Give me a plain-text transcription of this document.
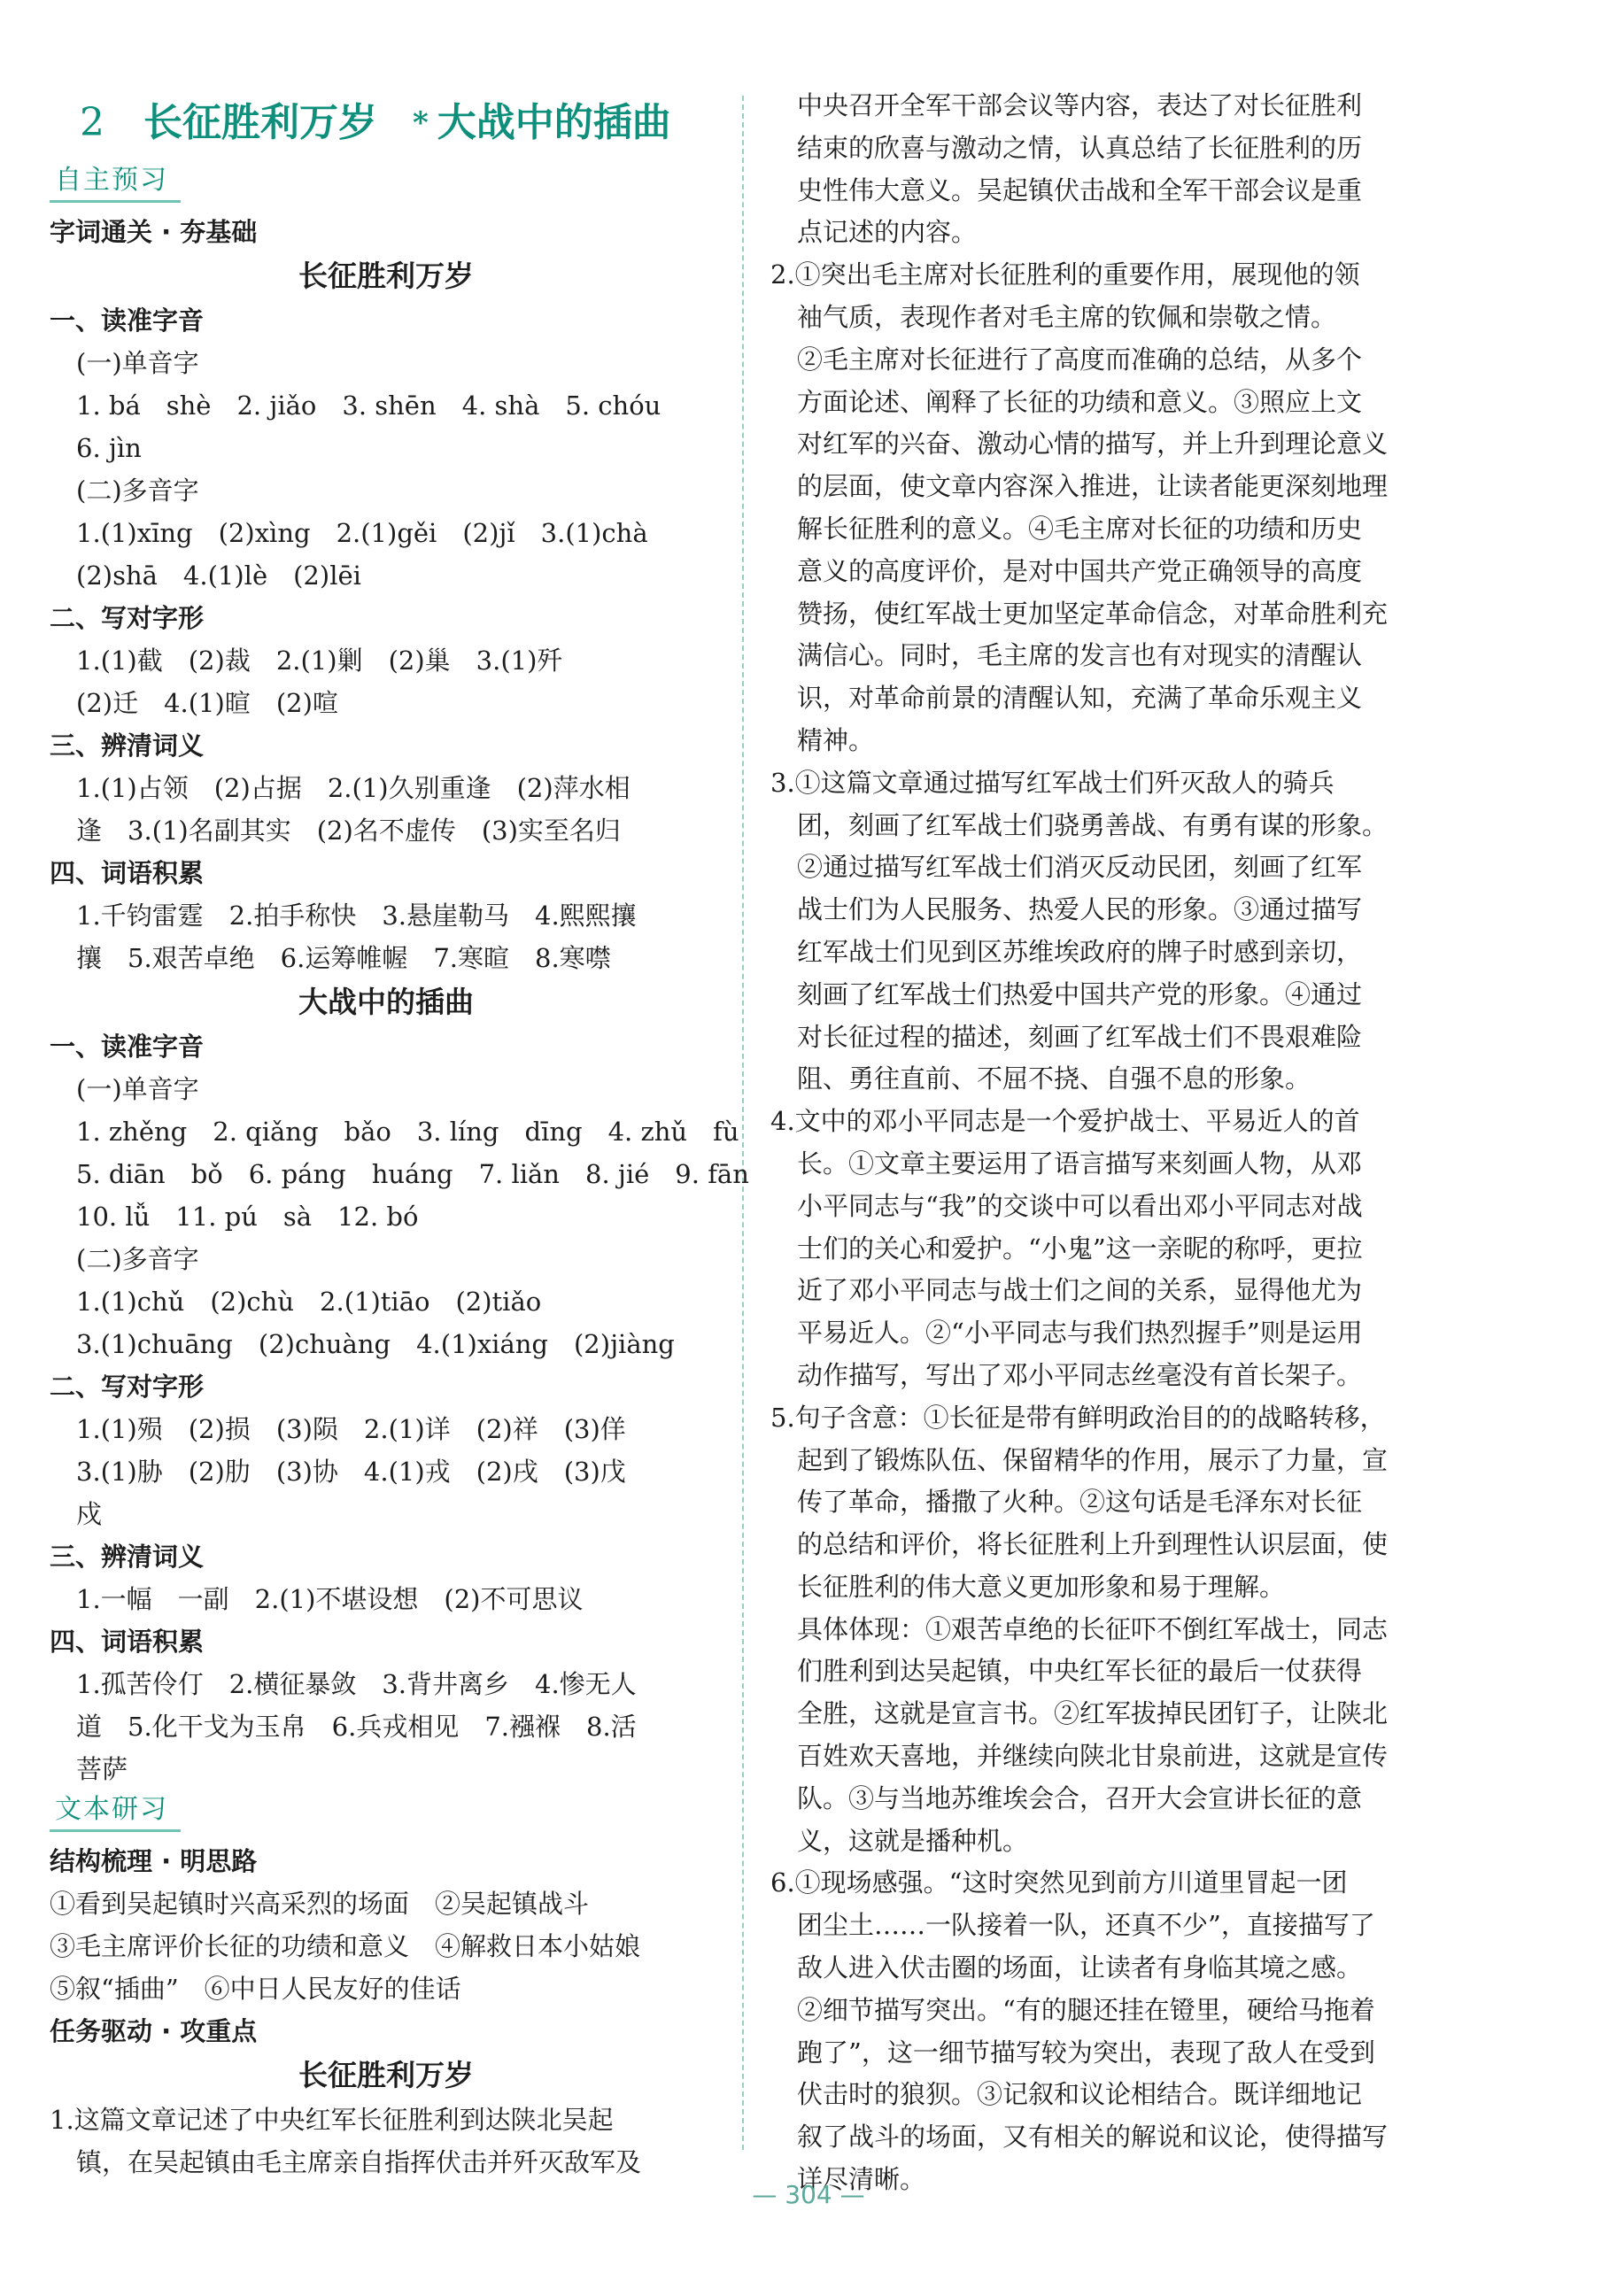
2 长征胜利万岁 * 大战中的插曲
自主预习
字词通关 · 夯基础
长征胜利万岁
一、读准字音
(一)单音字
1. bá　shè　2. jiǎo　3. shēn　4. shà　5. chóu
6. jìn
(二)多音字
1.(1)xīng　(2)xìng　2.(1)gěi　(2)jǐ　3.(1)chà
(2)shā　4.(1)lè　(2)lēi
二、写对字形
1.(1)截　(2)裁　2.(1)剿　(2)巢　3.(1)歼
(2)迁　4.(1)暄　(2)喧
三、辨清词义
1.(1)占领　(2)占据　2.(1)久别重逢　(2)萍水相
逢　3.(1)名副其实　(2)名不虚传　(3)实至名归
四、词语积累
1.千钧雷霆　2.拍手称快　3.悬崖勒马　4.熙熙攘
攘　5.艰苦卓绝　6.运筹帷幄　7.寒暄　8.寒噤
大战中的插曲
一、读准字音
(一)单音字
1. zhěng　2. qiǎng　bǎo　3. líng　dīng　4. zhǔ　fù
5. diān　bǒ　6. páng　huáng　7. liǎn　8. jié　9. fān
10. lǚ　11. pú　sà　12. bó
(二)多音字
1.(1)chǔ　(2)chù　2.(1)tiāo　(2)tiǎo
3.(1)chuāng　(2)chuàng　4.(1)xiáng　(2)jiàng
二、写对字形
1.(1)殒　(2)损　(3)陨　2.(1)详　(2)祥　(3)佯
3.(1)胁　(2)肋　(3)协　4.(1)戎　(2)戌　(3)戊
戍
三、辨清词义
1.一幅　一副　2.(1)不堪设想　(2)不可思议
四、词语积累
1.孤苦伶仃　2.横征暴敛　3.背井离乡　4.惨无人
道　5.化干戈为玉帛　6.兵戎相见　7.襁褓　8.活
菩萨
文本研习
结构梳理 · 明思路
①看到吴起镇时兴高采烈的场面　②吴起镇战斗
③毛主席评价长征的功绩和意义　④解救日本小姑娘
⑤叙“插曲”　⑥中日人民友好的佳话
任务驱动 · 攻重点
长征胜利万岁
1.这篇文章记述了中央红军长征胜利到达陕北吴起
镇，在吴起镇由毛主席亲自指挥伏击并歼灭敌军及
中央召开全军干部会议等内容，表达了对长征胜利
结束的欣喜与激动之情，认真总结了长征胜利的历
史性伟大意义。吴起镇伏击战和全军干部会议是重
点记述的内容。
2.①突出毛主席对长征胜利的重要作用，展现他的领
袖气质，表现作者对毛主席的钦佩和崇敬之情。
②毛主席对长征进行了高度而准确的总结，从多个
方面论述、阐释了长征的功绩和意义。③照应上文
对红军的兴奋、激动心情的描写，并上升到理论意义
的层面，使文章内容深入推进，让读者能更深刻地理
解长征胜利的意义。④毛主席对长征的功绩和历史
意义的高度评价，是对中国共产党正确领导的高度
赞扬，使红军战士更加坚定革命信念，对革命胜利充
满信心。同时，毛主席的发言也有对现实的清醒认
识，对革命前景的清醒认知，充满了革命乐观主义
精神。
3.①这篇文章通过描写红军战士们歼灭敌人的骑兵
团，刻画了红军战士们骁勇善战、有勇有谋的形象。
②通过描写红军战士们消灭反动民团，刻画了红军
战士们为人民服务、热爱人民的形象。③通过描写
红军战士们见到区苏维埃政府的牌子时感到亲切，
刻画了红军战士们热爱中国共产党的形象。④通过
对长征过程的描述，刻画了红军战士们不畏艰难险
阻、勇往直前、不屈不挠、自强不息的形象。
4.文中的邓小平同志是一个爱护战士、平易近人的首
长。①文章主要运用了语言描写来刻画人物，从邓
小平同志与“我”的交谈中可以看出邓小平同志对战
士们的关心和爱护。“小鬼”这一亲昵的称呼，更拉
近了邓小平同志与战士们之间的关系，显得他尤为
平易近人。②“小平同志与我们热烈握手”则是运用
动作描写，写出了邓小平同志丝毫没有首长架子。
5.句子含意：①长征是带有鲜明政治目的的战略转移，
起到了锻炼队伍、保留精华的作用，展示了力量，宣
传了革命，播撒了火种。②这句话是毛泽东对长征
的总结和评价，将长征胜利上升到理性认识层面，使
长征胜利的伟大意义更加形象和易于理解。
具体体现：①艰苦卓绝的长征吓不倒红军战士，同志
们胜利到达吴起镇，中央红军长征的最后一仗获得
全胜，这就是宣言书。②红军拔掉民团钉子，让陕北
百姓欢天喜地，并继续向陕北甘泉前进，这就是宣传
队。③与当地苏维埃会合，召开大会宣讲长征的意
义，这就是播种机。
6.①现场感强。“这时突然见到前方川道里冒起一团
团尘土……一队接着一队，还真不少”，直接描写了
敌人进入伏击圈的场面，让读者有身临其境之感。
②细节描写突出。“有的腿还挂在镫里，硬给马拖着
跑了”，这一细节描写较为突出，表现了敌人在受到
伏击时的狼狈。③记叙和议论相结合。既详细地记
叙了战斗的场面，又有相关的解说和议论，使得描写
详尽清晰。
— 304 —
